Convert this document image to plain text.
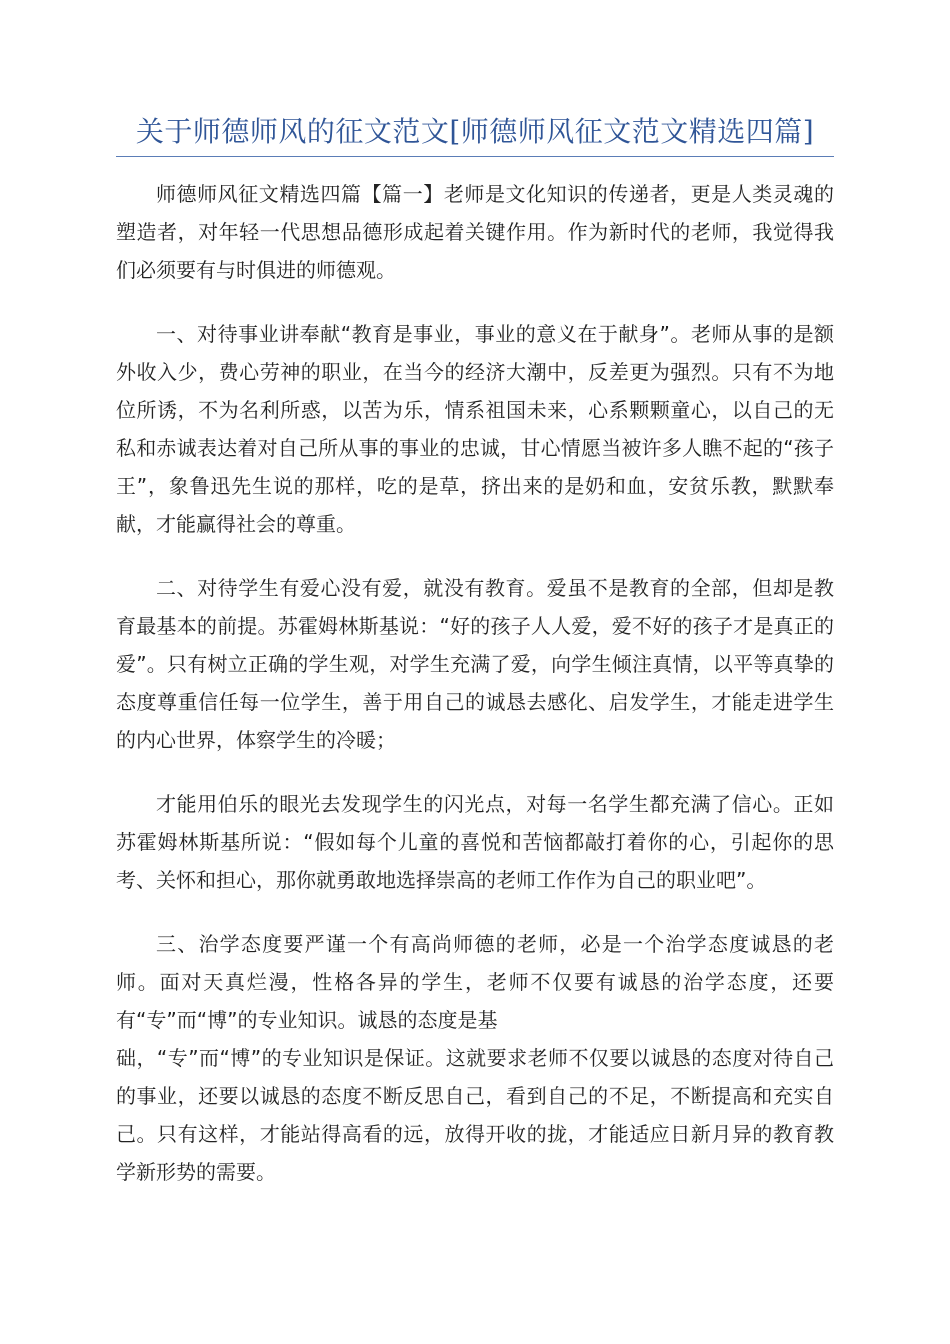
关于师德师风的征文范文[师德师风征文范文精选四篇]

师德师风征文精选四篇【篇一】老师是文化知识的传递者，更是人类灵魂的塑造者，对年轻一代思想品德形成起着关键作用。作为新时代的老师，我觉得我们必须要有与时俱进的师德观。

一、对待事业讲奉献“教育是事业，事业的意义在于献身”。老师从事的是额外收入少，费心劳神的职业，在当今的经济大潮中，反差更为强烈。只有不为地位所诱，不为名利所惑，以苦为乐，情系祖国未来，心系颗颗童心，以自己的无私和赤诚表达着对自己所从事的事业的忠诚，甘心情愿当被许多人瞧不起的“孩子王”，象鲁迅先生说的那样，吃的是草，挤出来的是奶和血，安贫乐教，默默奉献，才能赢得社会的尊重。

二、对待学生有爱心没有爱，就没有教育。爱虽不是教育的全部，但却是教育最基本的前提。苏霍姆林斯基说：“好的孩子人人爱，爱不好的孩子才是真正的爱”。只有树立正确的学生观，对学生充满了爱，向学生倾注真情，以平等真挚的态度尊重信任每一位学生，善于用自己的诚恳去感化、启发学生，才能走进学生的内心世界，体察学生的冷暖；

才能用伯乐的眼光去发现学生的闪光点，对每一名学生都充满了信心。正如苏霍姆林斯基所说：“假如每个儿童的喜悦和苦恼都敲打着你的心，引起你的思考、关怀和担心，那你就勇敢地选择崇高的老师工作作为自己的职业吧”。

三、治学态度要严谨一个有高尚师德的老师，必是一个治学态度诚恳的老师。面对天真烂漫，性格各异的学生，老师不仅要有诚恳的治学态度，还要有“专”而“博”的专业知识。诚恳的态度是基

础，“专”而“博”的专业知识是保证。这就要求老师不仅要以诚恳的态度对待自己的事业，还要以诚恳的态度不断反思自己，看到自己的不足，不断提高和充实自己。只有这样，才能站得高看的远，放得开收的拢，才能适应日新月异的教育教学新形势的需要。
